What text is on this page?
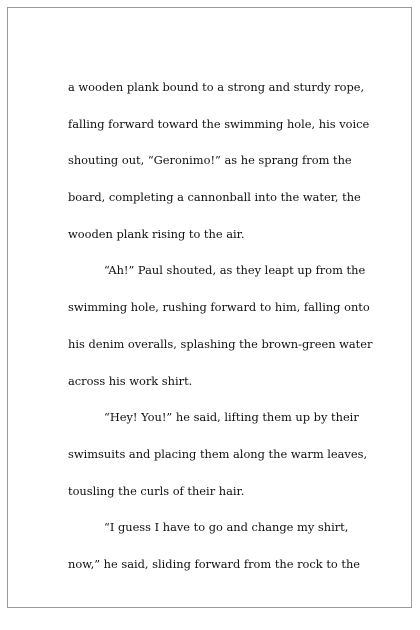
a wooden plank bound to a strong and sturdy rope,
falling forward toward the swimming hole, his voice
shouting out, “Geronimo!” as he sprang from the
board, completing a cannonball into the water, the
wooden plank rising to the air.
“Ah!” Paul shouted, as they leapt up from the
swimming hole, rushing forward to him, falling onto
his denim overalls, splashing the brown-green water
across his work shirt.
“Hey! You!” he said, lifting them up by their
swimsuits and placing them along the warm leaves,
tousling the curls of their hair.
“I guess I have to go and change my shirt,
now,” he said, sliding forward from the rock to the
